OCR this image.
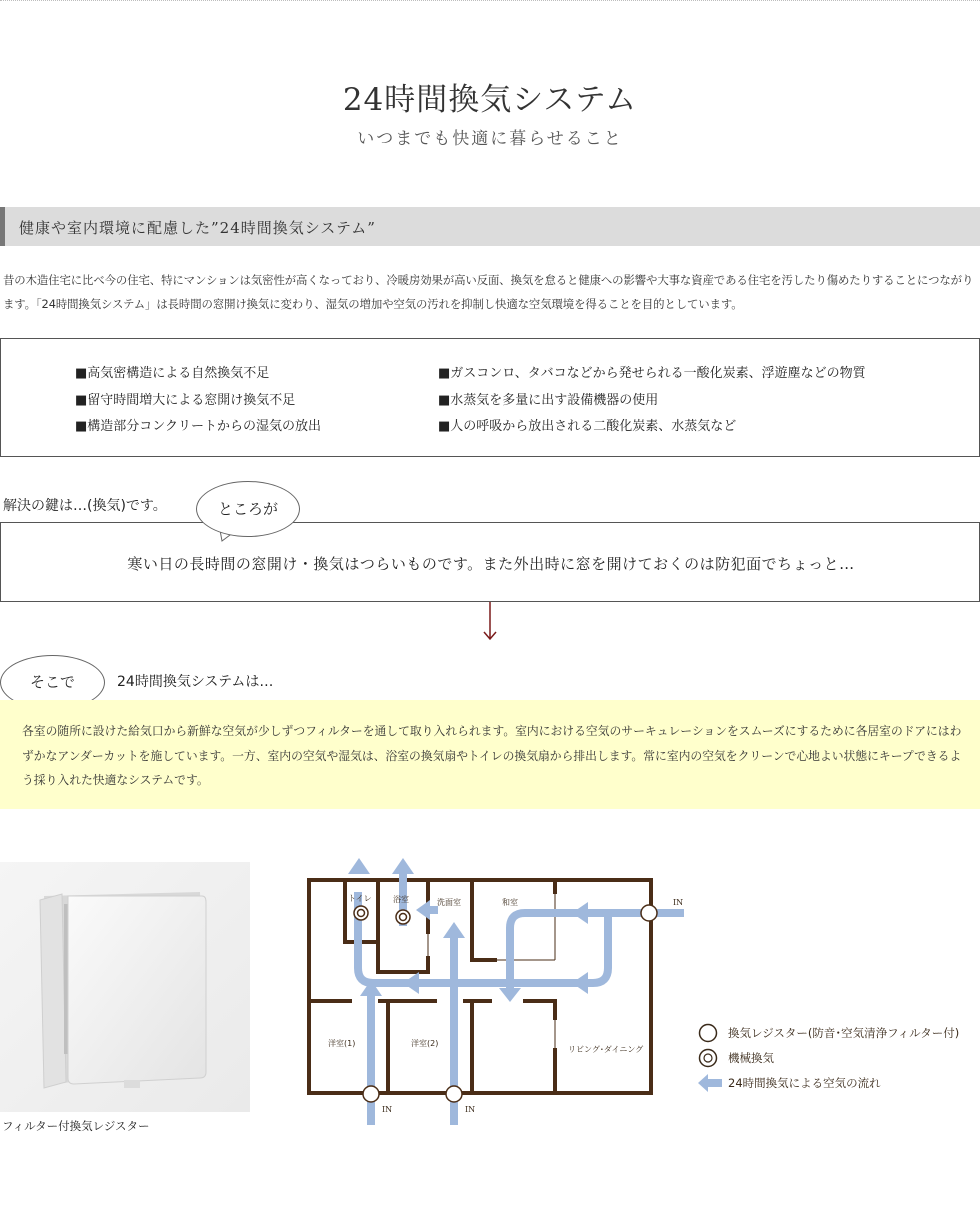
24時間換気システム
いつまでも快適に暮らせること
健康や室内環境に配慮した”24時間換気システム”

昔の木造住宅に比べ今の住宅、特にマンションは気密性が高くなっており、冷暖房効果が高い反面、換気を怠ると健康への影響や大事な資産である住宅を汚したり傷めたりすることにつながります。「24時間換気システム」は長時間の窓開け換気に変わり、湿気の増加や空気の汚れを抑制し快適な空気環境を得ることを目的としています。

■高気密構造による自然換気不足
■留守時間増大による窓開け換気不足
■構造部分コンクリートからの湿気の放出
■ガスコンロ、タバコなどから発せられる一酸化炭素、浮遊塵などの物質
■水蒸気を多量に出す設備機器の使用
■人の呼吸から放出される二酸化炭素、水蒸気など
解決の鍵は…(換気)です。
寒い日の長時間の窓開け・換気はつらいものです。また外出時に窓を開けておくのは防犯面でちょっと…
ところが
そこで	24時間換気システムは…

各室の随所に設けた給気口から新鮮な空気が少しずつフィルターを通して取り入れられます。室内における空気のサーキュレーションをスムーズにするために各居室のドアにはわずかなアンダーカットを施しています。一方、室内の空気や湿気は、浴室の換気扇やトイレの換気扇から排出します。常に室内の空気をクリーンで心地よい状態にキープできるよう採り入れた快適なシステムです。

フィルター付換気レジスター
トイレ	浴室	洗面室	和室
洋室(1)	洋室(2)
リビング･ダイニング
IN
IN	IN
換気レジスター(防音･空気清浄フィルター付)
機械換気
24時間換気による空気の流れ
